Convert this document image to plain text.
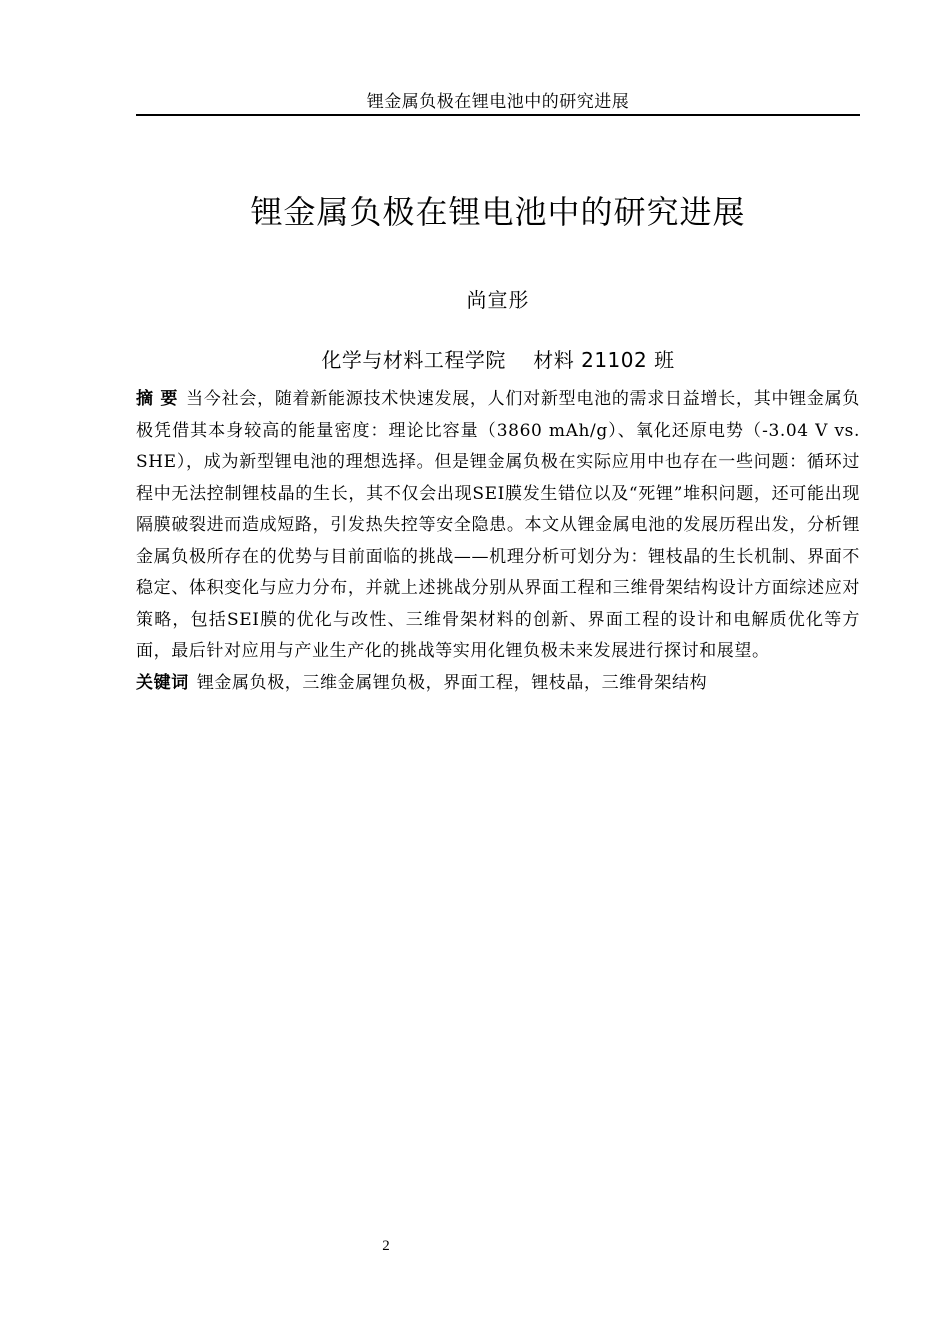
锂金属负极在锂电池中的研究进展
锂金属负极在锂电池中的研究进展
尚宣彤
化学与材料工程学院　 材料 21102 班

摘 要 当今社会，随着新能源技术快速发展，人们对新型电池的需求日益增长，其中锂金属负极凭借其本身较高的能量密度：理论比容量（3860 mAh/g）、氧化还原电势（-3.04 V vs. SHE），成为新型锂电池的理想选择。但是锂金属负极在实际应用中也存在一些问题：循环过程中无法控制锂枝晶的生长，其不仅会出现SEI膜发生错位以及“死锂”堆积问题，还可能出现隔膜破裂进而造成短路，引发热失控等安全隐患。本文从锂金属电池的发展历程出发，分析锂金属负极所存在的优势与目前面临的挑战——机理分析可划分为：锂枝晶的生长机制、界面不稳定、体积变化与应力分布，并就上述挑战分别从界面工程和三维骨架结构设计方面综述应对策略，包括SEI膜的优化与改性、三维骨架材料的创新、界面工程的设计和电解质优化等方面，最后针对应用与产业生产化的挑战等实用化锂负极未来发展进行探讨和展望。

关键词 锂金属负极，三维金属锂负极，界面工程，锂枝晶，三维骨架结构

2
